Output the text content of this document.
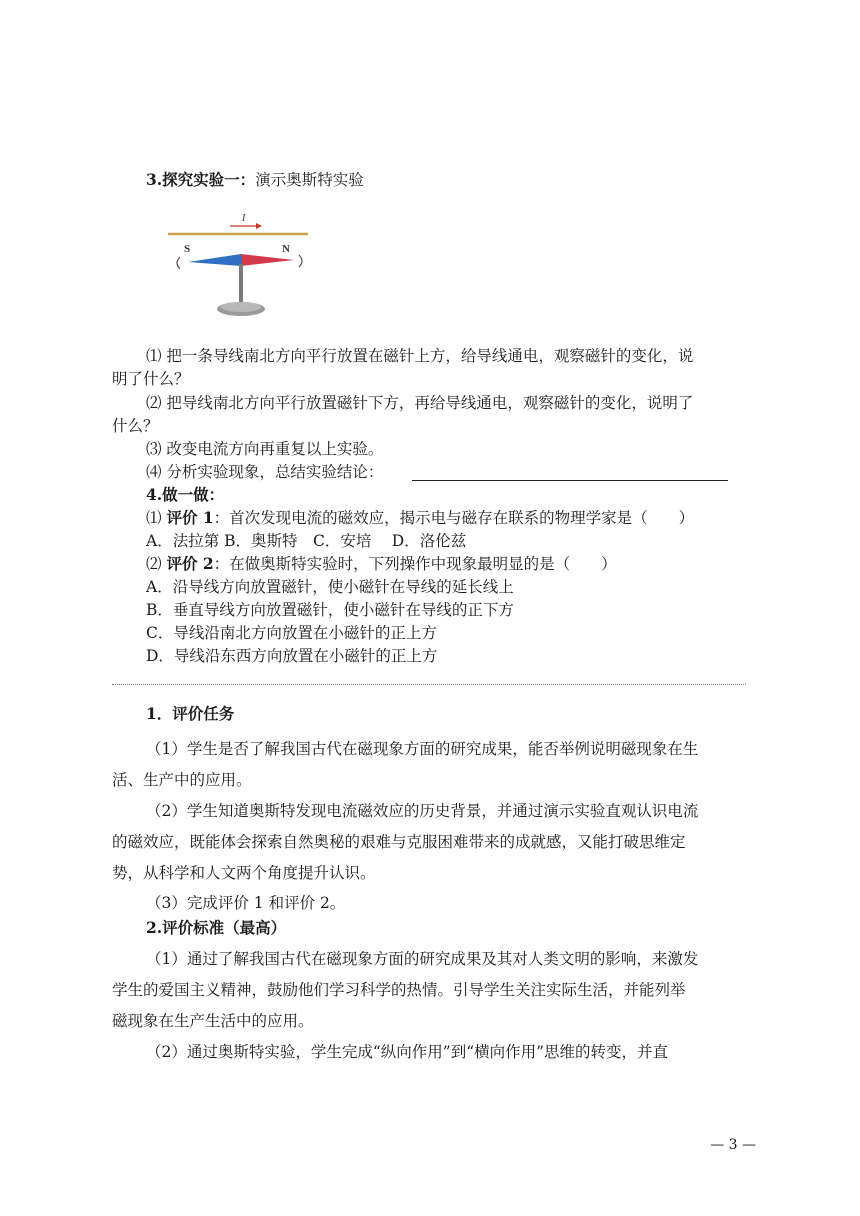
3.探究实验一：演示奥斯特实验
I
S	N
⑴ 把一条导线南北方向平行放置在磁针上方，给导线通电，观察磁针的变化，说
明了什么？
⑵ 把导线南北方向平行放置磁针下方，再给导线通电，观察磁针的变化，说明了
什么？
⑶ 改变电流方向再重复以上实验。
⑷ 分析实验现象，总结实验结论：
4.做一做：
⑴ 评价 1：首次发现电流的磁效应，揭示电与磁存在联系的物理学家是（　　）
A．法拉第 B．奥斯特　C．安培　 D．洛伦兹
⑵ 评价 2：在做奥斯特实验时，下列操作中现象最明显的是（　　）
A．沿导线方向放置磁针，使小磁针在导线的延长线上
B．垂直导线方向放置磁针，使小磁针在导线的正下方
C．导线沿南北方向放置在小磁针的正上方
D．导线沿东西方向放置在小磁针的正上方
1．评价任务
（1）学生是否了解我国古代在磁现象方面的研究成果，能否举例说明磁现象在生
活、生产中的应用。
（2）学生知道奥斯特发现电流磁效应的历史背景，并通过演示实验直观认识电流
的磁效应，既能体会探索自然奥秘的艰难与克服困难带来的成就感，又能打破思维定
势，从科学和人文两个角度提升认识。
（3）完成评价 1 和评价 2。
2.评价标准（最高）
（1）通过了解我国古代在磁现象方面的研究成果及其对人类文明的影响，来激发
学生的爱国主义精神，鼓励他们学习科学的热情。引导学生关注实际生活，并能列举
磁现象在生产生活中的应用。
（2）通过奥斯特实验，学生完成“纵向作用”到“横向作用”思维的转变，并直
— 3 —
